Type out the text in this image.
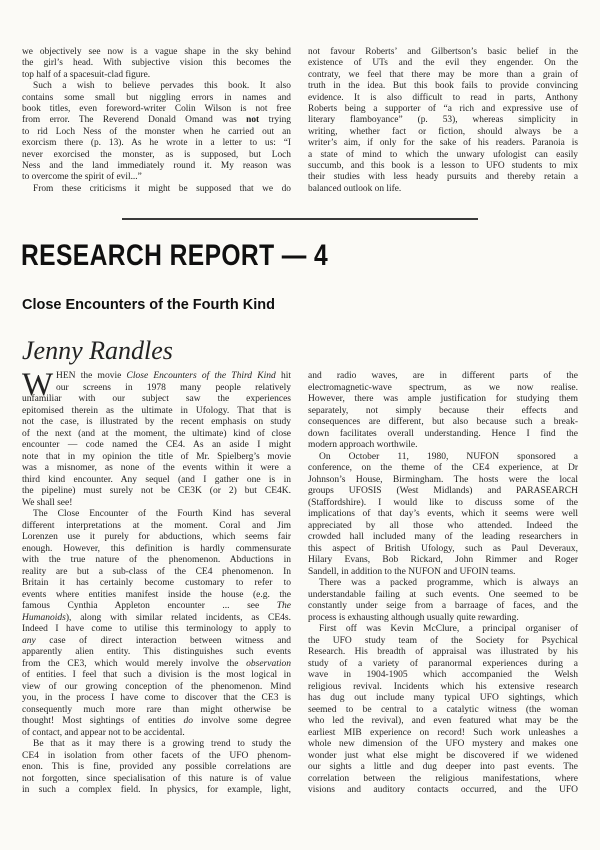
we objectively see now is a vague shape in the sky behind
the girl’s head. With subjective vision this becomes the
top half of a spacesuit-clad figure.
Such a wish to believe pervades this book. It also
contains some small but niggling errors in names and
book titles, even foreword-writer Colin Wilson is not free
from error. The Reverend Donald Omand was not trying
to rid Loch Ness of the monster when he carried out an
exorcism there (p. 13). As he wrote in a letter to us: “I
never exorcised the monster, as is supposed, but Loch
Ness and the land immediately round it. My reason was
to overcome the spirit of evil...”
From these criticisms it might be supposed that we do
not favour Roberts’ and Gilbertson’s basic belief in the
existence of UTs and the evil they engender. On the
contraty, we feel that there may be more than a grain of
truth in the idea. But this book fails to provide convincing
evidence. It is also difficult to read in parts, Anthony
Roberts being a supporter of “a rich and expressive use of
literary flamboyance” (p. 53), whereas simplicity in
writing, whether fact or fiction, should always be a
writer’s aim, if only for the sake of his readers. Paranoia is
a state of mind to which the unwary ufologist can easily
succumb, and this book is a lesson to UFO students to mix
their studies with less heady pursuits and thereby retain a
balanced outlook on life.
RESEARCH REPORT — 4
Close Encounters of the Fourth Kind
Jenny Randles
W HEN the movie Close Encounters of the Third Kind hit
our screens in 1978 many people relatively
unfamiliar with our subject saw the experiences
epitomised therein as the ultimate in Ufology. That that is
not the case, is illustrated by the recent emphasis on study
of the next (and at the moment, the ultimate) kind of close
encounter — code named the CE4. As an aside I might
note that in my opinion the title of Mr. Spielberg’s movie
was a misnomer, as none of the events within it were a
third kind encounter. Any sequel (and I gather one is in
the pipeline) must surely not be CE3K (or 2) but CE4K.
We shall see!
The Close Encounter of the Fourth Kind has several
different interpretations at the moment. Coral and Jim
Lorenzen use it purely for abductions, which seems fair
enough. However, this definition is hardly commensurate
with the true nature of the phenomenon. Abductions in
reality are but a sub-class of the CE4 phenomenon. In
Britain it has certainly become customary to refer to
events where entities manifest inside the house (e.g. the
famous Cynthia Appleton encounter ... see The
Humanoids), along with similar related incidents, as CE4s.
Indeed I have come to utilise this terminology to apply to
any case of direct interaction between witness and
apparently alien entity. This distinguishes such events
from the CE3, which would merely involve the observation
of entities. I feel that such a division is the most logical in
view of our growing conception of the phenomenon. Mind
you, in the process I have come to discover that the CE3 is
consequently much more rare than might otherwise be
thought! Most sightings of entities do involve some degree
of contact, and appear not to be accidental.
Be that as it may there is a growing trend to study the
CE4 in isolation from other facets of the UFO phenom-
enon. This is fine, provided any possible correlations are
not forgotten, since specialisation of this nature is of value
in such a complex field. In physics, for example, light,
and radio waves, are in different parts of the
electromagnetic-wave spectrum, as we now realise.
However, there was ample justification for studying them
separately, not simply because their effects and
consequences are different, but also because such a break-
down facilitates overall understanding. Hence I find the
modern approach worthwile.
On October 11, 1980, NUFON sponsored a
conference, on the theme of the CE4 experience, at Dr
Johnson’s House, Birmingham. The hosts were the local
groups UFOSIS (West Midlands) and PARASEARCH
(Staffordshire). I would like to discuss some of the
implications of that day’s events, which it seems were well
appreciated by all those who attended. Indeed the
crowded hall included many of the leading researchers in
this aspect of British Ufology, such as Paul Deveraux,
Hilary Evans, Bob Rickard, John Rimmer and Roger
Sandell, in addition to the NUFON and UFOIN teams.
There was a packed programme, which is always an
understandable failing at such events. One seemed to be
constantly under seige from a barraage of faces, and the
process is exhausting although usually quite rewarding.
First off was Kevin McClure, a principal organiser of
the UFO study team of the Society for Psychical
Research. His breadth of appraisal was illustrated by his
study of a variety of paranormal experiences during a
wave in 1904-1905 which accompanied the Welsh
religious revival. Incidents which his extensive research
has dug out include many typical UFO sightings, which
seemed to be central to a catalytic witness (the woman
who led the revival), and even featured what may be the
earliest MIB experience on record! Such work unleashes a
whole new dimension of the UFO mystery and makes one
wonder just what else might be discovered if we widened
our sights a little and dug deeper into past events. The
correlation between the religious manifestations, where
visions and auditory contacts occurred, and the UFO
